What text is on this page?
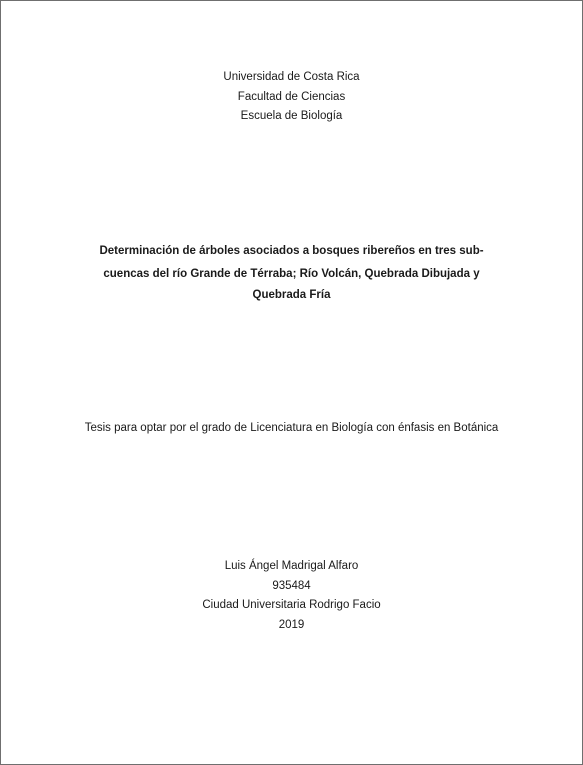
Universidad de Costa Rica
Facultad de Ciencias
Escuela de Biología
Determinación de árboles asociados a bosques ribereños en tres sub-
cuencas del río Grande de Térraba; Río Volcán, Quebrada Dibujada y
Quebrada Fría
Tesis para optar por el grado de Licenciatura en Biología con énfasis en Botánica
Luis Ángel Madrigal Alfaro
935484
Ciudad Universitaria Rodrigo Facio
2019
